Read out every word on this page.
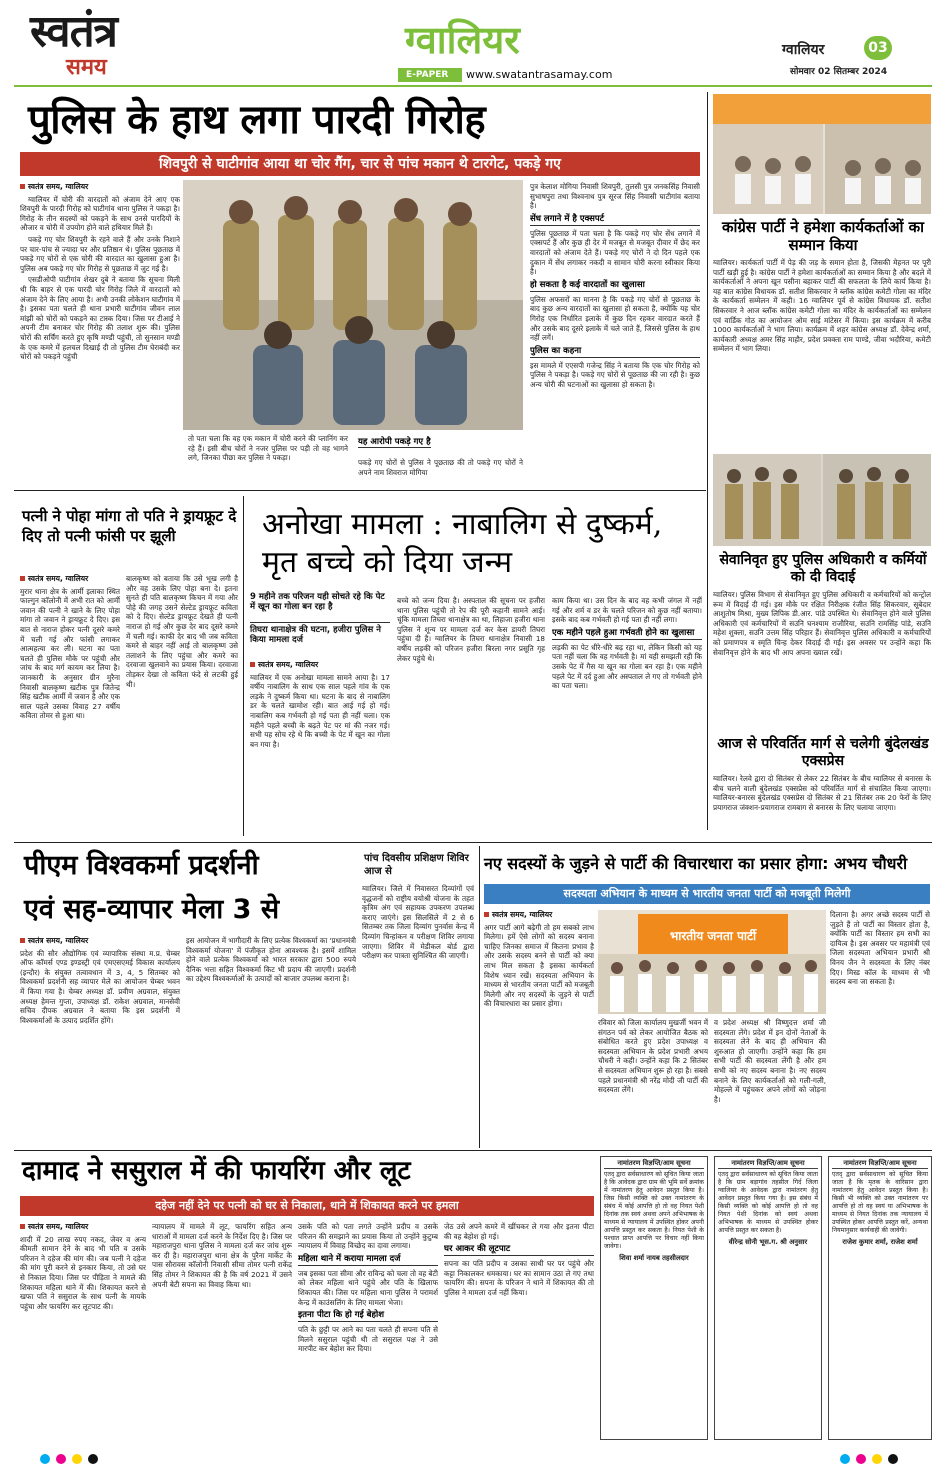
स्वतंत्र
समय
ग्वालियर
E-PAPER	www.swatantrasamay.com
ग्वालियर	03
सोमवार 02 सितम्बर 2024
पुलिस के हाथ लगा पारदी गिरोह
शिवपुरी से घाटीगांव आया था चोर गैंग, चार से पांच मकान थे टारगेट, पकड़े गए
स्वतंत्र समय, ग्वालियर

ग्वालियर में चोरी की वारदातों को अंजाम देने आए एक शिवपुरी के पारदी गिरोह को घाटीगांव थाना पुलिस ने पकड़ा है। गिरोह के तीन सदस्यों को पकड़ने के साथ उनसे पारदियों के औजार व चोरी में उपयोग होने वाले हथियार मिले हैं।

पकड़े गए चोर शिवपुरी के रहने वाले हैं और उनके निशाने पर चार-पांच से ज्यादा घर और प्रतिष्ठान थे। पुलिस पूछताछ में पकड़े गए चोरों से एक चोरी की वारदात का खुलासा हुआ है। पुलिस अब पकड़े गए चोर गिरोह से पूछताछ में जुट गई है।

एसडीओपी घाटीगांव शेखर दुबे ने बताया कि सूचना मिली थी कि बाहर से एक पारदी चोर गिरोह जिले में वारदातों को अंजाम देने के लिए आया है। अभी उनकी लोकेशन घाटीगांव में है। इसका पता चलते ही थाना प्रभारी घाटीगांव जीवन लाल मांझी को चोरों को पकड़ने का टास्क दिया। जिस पर टीआई ने अपनी टीम बनाकर चोर गिरोह की तलाश शुरू की। पुलिस चोरों की सर्चिंग करते हुए कृषि मण्डी पहुंची, तो सुनसान मण्डी के एक कमरे में हलचल दिखाई दी तो पुलिस टीम घेराबंदी कर चोरों को पकड़ने पहुंची

तो पता चला कि वह एक मकान में चोरी करने की प्लानिंग कर रहे हैं। इसी बीच चोरों ने नजर पुलिस पर पड़ी तो वह भागने लगे, जिनका पीछा कर पुलिस ने पकड़ा।
यह आरोपी पकड़े गए है
पकड़े गए चोरों से पुलिस ने पूछताछ की तो पकड़े गए चोरों ने अपने नाम शिवराज मोगिया
पुत्र केलाश मोगिया निवासी शिवपुरी, तुलसी पुत्र जनकसिंह निवासी सुभाषपुरा तथा विश्वनाथ पुत्र सूरज सिंह निवासी घाटीगांव बताया है।
सेंध लगाने में है एक्सपर्ट
पुलिस पूछताछ में पता चला है कि पकड़े गए चोर सेंध लगाने में एक्सपर्ट हैं और कुछ ही देर में मजबूत से मजबूत दीवार में छेद कर वारदातों को अंजाम देते हैं। पकड़े गए चोरों ने दो दिन पहले एक दुकान में सेंध लगाकर नकदी व सामान चोरी करना स्वीकार किया है।
हो सकता है कई वारदातों का खुलासा
पुलिस अफसरों का मानना है कि पकड़े गए चोरों से पूछताछ के बाद कुछ अन्य वारदातों का खुलासा हो सकता है, क्योंकि यह चोर गिरोह एक निर्धारित इलाके में कुछ दिन रहकर वारदात करते हैं और उसके बाद दूसरे इलाके में चले जाते हैं, जिससे पुलिस के हाथ नहीं लगें।
पुलिस का कहना
इस मामले में एएसपी गजेन्द्र सिंह ने बताया कि एक चोर गिरोह को पुलिस ने पकड़ा है। पकड़े गए चोरों से पूछताछ की जा रही है। कुछ अन्य चोरी की घटनाओं का खुलासा हो सकता है।
कांग्रेस पार्टी ने हमेशा कार्यकर्ताओं का सम्मान किया
ग्वालियर। कार्यकर्ता पार्टी में पेड़ की जड़ के समान होता है, जिसकी मेहनत पर पूरी पार्टी खड़ी हुई है। कांग्रेस पार्टी ने हमेशा कार्यकर्ताओं का सम्मान किया है और बदले में कार्यकर्ताओं ने अपना खून पसीना बहाकर पार्टी की सफलता के लिये कार्य किया है। यह बात कांग्रेस विधायक डॉ. सतीश सिकरवार ने ब्लॉक कांग्रेस कमेटी गोला का मंदिर के कार्यकर्ता सम्मेलन में कही। 16 ग्वालियर पूर्व से कांग्रेस विधायक डॉ. सतीश सिकरवार ने आज ब्लॉक कांग्रेस कमेटी गोला का मंदिर के कार्यकर्ताओं का सम्मेलन एवं वार्डिक गोठ का आयोजन ओम साई मांटेसर में किया। इस कार्यक्रम में करीब 1000 कार्यकर्ताओं ने भाग लिया। कार्यक्रम में शहर कांग्रेस अध्यक्ष डॉ. देवेन्द्र शर्मा, कार्यकारी अध्यक्ष अमर सिंह माहौर, प्रदेश प्रवक्ता राम पाण्डे, जीवा भदौरिया, कमेटी सम्मेलन में भाग लिया।
सेवानिवृत हुए पुलिस अधिकारी व कर्मियों को दी विदाई
ग्वालियर। पुलिस विभाग से सेवानिवृत हुए पुलिस अधिकारी व कर्मचारियों को कन्ट्रोल रूम में विदाई दी गई। इस मौके पर रक्षित निरीक्षक रंजीत सिंह सिकरवार, सूबेदार आशुतोष मिश्रा, मुख्य लिपिक डी.आर. पांडे उपस्थित थे। सेवानिवृत्त होने वाले पुलिस अधिकारी एवं कर्मचारियों में सउनि घनश्याम राजौरिया, सउनि रामसिंह पांडे, सउनि महेश शुक्ला, सउनि उत्तम सिंह परिहार हैं। सेवानिवृत्त पुलिस अधिकारी व कर्मचारियों को प्रमाणपत्र व स्मृति चिन्ह देकर विदाई दी गई। इस अवसर पर उन्होंने कहा कि सेवानिवृत्त होने के बाद भी आप अपना ख्याल रखें।
आज से परिवर्तित मार्ग से चलेगी बुंदेलखंड एक्सप्रेस
ग्वालियर। रेलवे द्वारा दो सितंबर से लेकर 22 सितंबर के बीच ग्वालियर से बनारस के बीच चलने वाली बुंदेलखंड एक्सप्रेस को परिवर्तित मार्ग से संचालित किया जाएगा। ग्वालियर-बनारस बुंदेलखंड एक्सप्रेस दो सितंबर से 21 सितंबर तक 20 फेरों के लिए प्रयागराज जंक्शन-प्रयागराज रामबाग से बनारस के लिए चलाया जाएगा।
पत्नी ने पोहा मांगा तो पति ने ड्रायफ्रूट दे दिए तो पत्नी फांसी पर झूली
स्वतंत्र समय, ग्वालियर
मुरार थाना क्षेत्र के आर्मी इलाका स्थित फाल्गुन कॉलोनी में अभी रात को आर्मी जवान की पत्नी ने खाने के लिए पोहा मांगा तो जवान ने ड्रायफ्रूट दे दिए। इस बात से नाराज होकर पत्नी दूसरे कमरे में चली गई और फांसी लगाकर आत्महत्या कर ली। घटना का पता चलते ही पुलिस मौके पर पहुंची और जांच के बाद मर्ग कायम कर लिया है। जानकारी के अनुसार ग्रीन मुरैना निवासी बालकृष्ण खटीक पुत्र जितेन्द्र सिंह खटीक आर्मी में जवान है और एक साल पहले उसका विवाह 27 वर्षीय कविता तोमर से हुआ था।
बालकृष्ण को बताया कि उसे भूख लगी है और वह उसके लिए पोहा बना दे। इतना सुनते ही पति बालकृष्ण किचन में गया और पोहे की जगह उसने सेल्टेड ड्रायफ्रूट कविता को दे दिए। सेल्टेड ड्रायफ्रूट देखते ही पत्नी नाराज हो गई और कुछ देर बाद दूसरे कमरे में चली गई। काफी देर बाद भी जब कविता कमरे से बाहर नहीं आई तो बालकृष्ण उसे तलाशने के लिए पहुंचा और कमरे का दरवाजा खुलवाने का प्रयास किया। दरवाजा तोड़कर देखा तो कविता फंदे से लटकी हुई थी।
अनोखा मामला : नाबालिग से दुष्कर्म, मृत बच्चे को दिया जन्म
9 महीने तक परिजन यही सोचते रहे कि पेट में खून का गोला बन रहा है
तिघरा थानाक्षेत्र की घटना, हजीरा पुलिस ने किया मामला दर्ज
स्वतंत्र समय, ग्वालियर
ग्वालियर में एक अनोखा मामला सामने आया है। 17 वर्षीय नाबालिग के साथ एक साल पहले गांव के एक लड़के ने दुष्कर्म किया था। घटना के बाद से नाबालिग डर के चलते खामोश रही। बात आई गई हो गई। नाबालिग कब गर्भवती हो गई पता ही नहीं चला। एक महीने पहले बच्ची के बढ़ते पेट पर मां की नजर गई। सभी यह सोच रहे थे कि बच्ची के पेट में खून का गोला बन गया है।
बच्चे को जन्म दिया है। अस्पताल की सूचना पर हजीरा थाना पुलिस पहुंची तो रेप की पूरी कहानी सामने आई। चूंकि मामला तिघरा थानाक्षेत्र का था, लिहाजा हजीरा थाना पुलिस ने शून्य पर मामला दर्ज कर केस डायरी तिघरा पहुंचा दी है। ग्वालियर के तिघरा थानाक्षेत्र निवासी 18 वर्षीय लड़की को परिजन हजीरा बिरला नगर प्रसूति गृह लेकर पहुंचे थे।
काम किया था। उस दिन के बाद वह कभी जंगल में नहीं गई और शर्म व डर के चलते परिजन को कुछ नहीं बताया। इसके बाद कब गर्भवती हो गई पता ही नहीं लगा।
एक महीने पहले हुआ गर्भवती होने का खुलासा
लड़की का पेट धीरे-धीरे बढ़ रहा था, लेकिन किसी को यह पता नहीं चला कि वह गर्भवती है। मां यही समझती रही कि उसके पेट में गैस या खून का गोला बन रहा है। एक महीने पहले पेट में दर्द हुआ और अस्पताल ले गए तो गर्भवती होने का पता चला।
पीएम विश्वकर्मा प्रदर्शनी
एवं सह-व्यापार मेला 3 से
पांच दिवसीय प्रशिक्षण शिविर आज से
स्वतंत्र समय, ग्वालियर
प्रदेश की सौर औद्योगिक एवं व्यापारिक संस्था म.प्र. चेम्बर ऑफ कॉमर्स एण्ड इण्डस्ट्री एवं एमएसएमई विकास कार्यालय (इन्दौर) के संयुक्त तत्वावधान में 3, 4, 5 सितम्बर को विश्वकर्मा प्रदर्शनी सह व्यापार मेले का आयोजन चेम्बर भवन में किया गया है। चेम्बर अध्यक्ष डॉ. प्रवीण अग्रवाल, संयुक्त अध्यक्ष हेमन्त गुप्ता, उपाध्यक्ष डॉ. राकेश अग्रवाल, मानसेवी सचिव दीपक अग्रवाल ने बताया कि इस प्रदर्शनी में विश्वकर्माओं के उत्पाद प्रदर्शित होंगे।
इस आयोजन में भागीदारी के लिए प्रत्येक विश्वकर्मा का 'प्रधानमंत्री विश्वकर्मा योजना' में पंजीकृत होना आवश्यक है। इसमें शामिल होने वाले प्रत्येक विश्वकर्मा को भारत सरकार द्वारा 500 रुपये दैनिक भत्ता सहित विश्वकर्मा किट भी प्रदाय की जाएगी। प्रदर्शनी का उद्देश्य विश्वकर्माओं के उत्पादों को बाजार उपलब्ध कराना है।
ग्वालियर। जिले में निवासरत दिव्यांगों एवं वृद्धजनों को राष्ट्रीय वयोश्री योजना के तहत कृत्रिम अंग एवं सहायक उपकरण उपलब्ध कराए जाएंगे। इस सिलसिले में 2 से 6 सितम्बर तक जिला दिव्यांग पुनर्वास केन्द्र में दिव्यांग चिन्हांकन व परीक्षण शिविर लगाया जाएगा। शिविर में मेडीकल बोर्ड द्वारा परीक्षण कर पात्रता सुनिश्चित की जाएगी।
नए सदस्यों के जुड़ने से पार्टी की विचारधारा का प्रसार होगा: अभय चौधरी
सदस्यता अभियान के माध्यम से भारतीय जनता पार्टी को मजबूती मिलेगी
स्वतंत्र समय, ग्वालियर
अगर पार्टी आगे बढ़ेगी तो हम सबको लाभ मिलेगा। हमें ऐसे लोगों को सदस्य बनाना चाहिए जिनका समाज में कितना प्रभाव है और उसके सदस्य बनने से पार्टी को क्या लाभ मिल सकता है इसका कार्यकर्ता विशेष ध्यान रखें। सदस्यता अभियान के माध्यम से भारतीय जनता पार्टी को मजबूती मिलेगी और नए सदस्यों के जुड़ने से पार्टी की विचारधारा का प्रसार होगा।
भारतीय जनता पार्टी
रविवार को जिला कार्यालय मुखर्जी भवन में संगठन पर्व को लेकर आयोजित बैठक को संबोधित करते हुए प्रदेश उपाध्यक्ष व सदस्यता अभियान के प्रदेश प्रभारी अभय चौधरी ने कही। उन्होंने कहा कि 2 सितंबर से सदस्यता अभियान शुरू हो रहा है। सबसे पहले प्रधानमंत्री श्री नरेंद्र मोदी जी पार्टी की सदस्यता लेंगे।
व प्रदेश अध्यक्ष श्री विष्णुदत्त शर्मा जी सदस्यता लेंगे। प्रदेश में इन दोनों नेताओं के सदस्यता लेने के बाद ही अभियान की शुरुआत हो जाएगी। उन्होंने कहा कि हम सभी पार्टी की सदस्यता लेंगी है और हम सभी को नए सदस्य बनाना है। नए सदस्य बनाने के लिए कार्यकर्ताओं को गली-गली, मोहल्ले में पहुंचकर अपने लोगों को जोड़ना है।
दिलाना है। अगर अच्छे सदस्य पार्टी से जुड़ते हैं तो पार्टी का विस्तार होता है, क्योंकि पार्टी का विस्तार हम सभी का दायित्व है। इस अवसर पर महामंत्री एवं जिला सदस्यता अभियान प्रभारी श्री विनय जैन ने सदस्यता के लिए नंबर दिए। मिस्ड कॉल के माध्यम से भी सदस्य बना जा सकता है।
दामाद ने ससुराल में की फायरिंग और लूट
दहेज नहीं देने पर पत्नी को घर से निकाला, थाने में शिकायत करने पर हमला
स्वतंत्र समय, ग्वालियर
शादी में 20 लाख रुपए नकद, जेवर व अन्य कीमती सामान देने के बाद भी पति व उसके परिजन ने दहेज की मांग की। जब पत्नी ने दहेज की मांग पूरी करने से इनकार किया, तो उसे घर से निकाल दिया। जिस पर पीड़िता ने मामले की शिकायत महिला थाने में की। शिकायत करने से खफा पति ने ससुराल के साथ पत्नी के मायके पहुंचा और फायरिंग कर लूटपाट की।
न्यायालय में मामले में लूट, फायरिंग सहित अन्य धाराओं में मामला दर्ज करने के निर्देश दिए है। जिस पर महाराजपुरा थाना पुलिस ने मामला दर्ज कर जांच शुरू कर दी है। महाराजपुरा थाना क्षेत्र के पुरैना मार्केट के पास सौरावस कॉलोनी निवासी सीमा तोमर पत्नी राकेंद्र सिंह तोमर ने शिकायत की है कि वर्ष 2021 में उसने अपनी बेटी सपना का विवाह किया था।
उसके पति को पता लगते उन्होंने प्रदीप व उसके परिजन की समझाने का प्रयास किया तो उन्होंने कुटुम्ब न्यायालय में विवाह विच्छेद का दावा लगाया।
महिला थाने में कराया मामला दर्ज
जब इसका पता सीमा और राविन्द्र को चला तो वह बेटी को लेकर महिला थाने पहुंचे और पति के खिलाफ शिकायत की। जिस पर महिला थाना पुलिस ने परामर्श केन्द्र में काउंसलिंग के लिए मामला भेजा।
इतना पीटा कि हो गई बेहोश
पति के छुट्टी पर आने का पता चलते ही सपना पति से मिलने ससुराल पहुंची थी तो ससुराल पक्ष ने उसे मारपीट कर बेहोश कर दिया।
जेठ उसे अपने कमरे में खींचकर ले गया और इतना पीटा की वह बेहोश हो गई।
घर आकर की लूटपाट
सपना का पति प्रदीप व उसका साथी घर पर पहुंचे और कट्टा निकालकर धमकाया। घर का सामान उठा ले गए तथा फायरिंग की। सपना के परिजन ने थाने में शिकायत की तो पुलिस ने मामला दर्ज नहीं किया।
नामांतरण विज्ञप्ति/आम सूचना
एतद् द्वारा सर्वसाधारण को सूचित किया जाता है कि आवेदक द्वारा ग्राम की भूमि सर्वे क्रमांक में नामांतरण हेतु आवेदन प्रस्तुत किया है। जिस किसी व्यक्ति को उक्त नामांतरण के संबंध में कोई आपत्ति हो तो वह नियत पेशी दिनांक तक स्वयं अथवा अपने अभिभाषक के माध्यम से न्यायालय में उपस्थित होकर अपनी आपत्ति प्रस्तुत कर सकता है। नियत पेशी के पश्चात प्राप्त आपत्ति पर विचार नहीं किया जावेगा।
शिवा शर्मा नायब तहसीलदार
नामांतरण विज्ञप्ति/आम सूचना
एतद् द्वारा सर्वसाधारण को सूचित किया जाता है कि ग्राम बड़ागांव तहसील गिर्द जिला ग्वालियर के आवेदक द्वारा नामांतरण हेतु आवेदन प्रस्तुत किया गया है। इस संबंध में किसी व्यक्ति को कोई आपत्ति हो तो वह नियत पेशी दिनांक को स्वयं अथवा अभिभाषक के माध्यम से उपस्थित होकर आपत्ति प्रस्तुत कर सकता है।
वीरेन्द्र सोनी भूस.ग. श्री अनुसार
नामांतरण विज्ञप्ति/आम सूचना
एतद् द्वारा सर्वसाधारण को सूचित किया जाता है कि मृतक के वारिसान द्वारा नामांतरण हेतु आवेदन प्रस्तुत किया है। किसी भी व्यक्ति को उक्त नामांतरण पर आपत्ति हो तो वह स्वयं या अभिभाषक के माध्यम से नियत दिनांक तक न्यायालय में उपस्थित होकर आपत्ति प्रस्तुत करें, अन्यथा नियमानुसार कार्यवाही की जावेगी।
राजेश कुमार शर्मा, राजेश शर्मा
